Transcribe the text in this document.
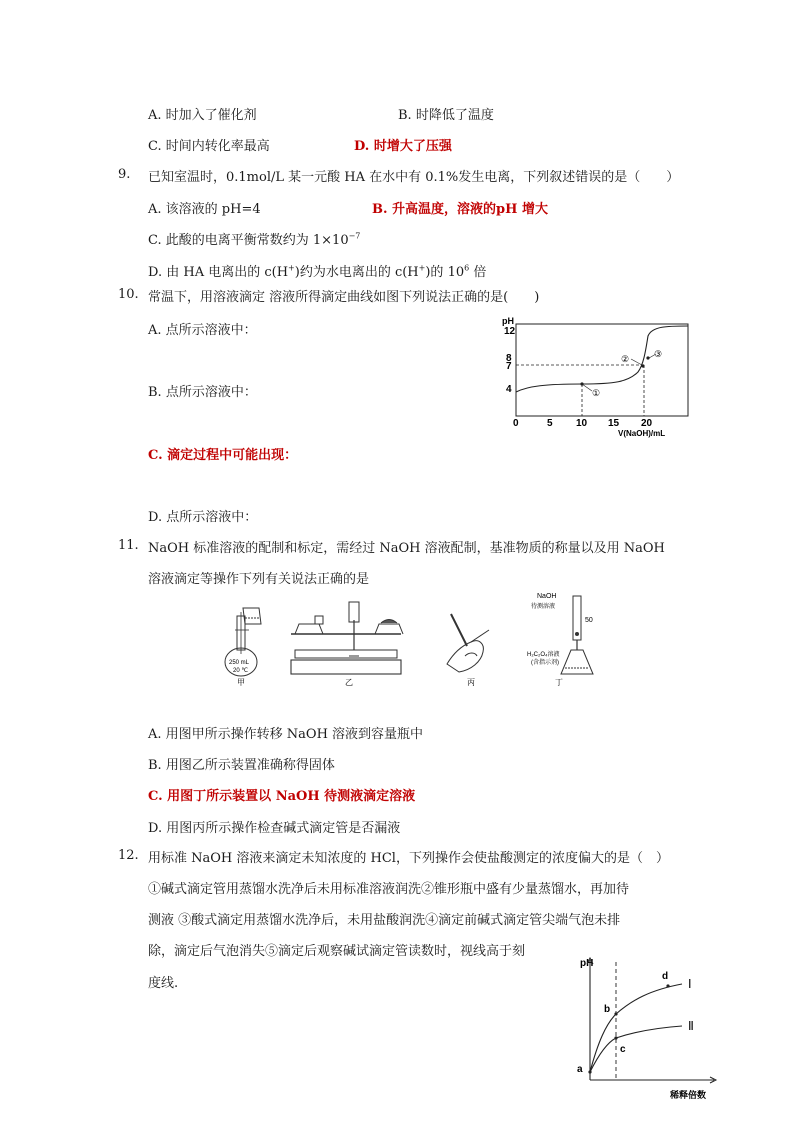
A. 时加入了催化剂	B. 时降低了温度
C. 时间内转化率最高	D. 时增大了压强
9. 已知室温时，0.1mol/L 某一元酸 HA 在水中有 0.1%发生电离，下列叙述错误的是（　　）
A. 该溶液的 pH=4	B. 升高温度，溶液的pH 增大
C. 此酸的电离平衡常数约为 $1\times 10^{-7}$
D. 由 HA 电离出的 c(H+)约为水电离出的 c(H+)的 $10^6$ 倍
10. 常温下，用溶液滴定 溶液所得滴定曲线如图下列说法正确的是(　　)
A. 点所示溶液中：
B. 点所示溶液中：
C. 滴定过程中可能出现：
D. 点所示溶液中：
pH
12
8
7
4
0	5 10 15 20
V(NaOH)/mL
①
②	③
11. NaOH 标准溶液的配制和标定，需经过 NaOH 溶液配制，基准物质的称量以及用 NaOH
溶液滴定等操作下列有关说法正确的是
250 mL
20 ℃
甲	乙	丙
NaOH
待测溶液
50
H₂C₂O₄溶液
(含指示剂)
丁
A. 用图甲所示操作转移 NaOH 溶液到容量瓶中
B. 用图乙所示装置准确称得固体
C. 用图丁所示装置以 NaOH 待测液滴定溶液
D. 用图丙所示操作检查碱式滴定管是否漏液
12. 用标准 NaOH 溶液来滴定未知浓度的 HCl，下列操作会使盐酸测定的浓度偏大的是（　）
①碱式滴定管用蒸馏水洗净后未用标准溶液润洗②锥形瓶中盛有少量蒸馏水，再加待
测液 ③酸式滴定用蒸馏水洗净后，未用盐酸润洗④滴定前碱式滴定管尖端气泡未排
除，滴定后气泡消失⑤滴定后观察碱试滴定管读数时，视线高于刻
度线.
pH
稀释倍数
a
b
c
d
Ⅰ
Ⅱ
